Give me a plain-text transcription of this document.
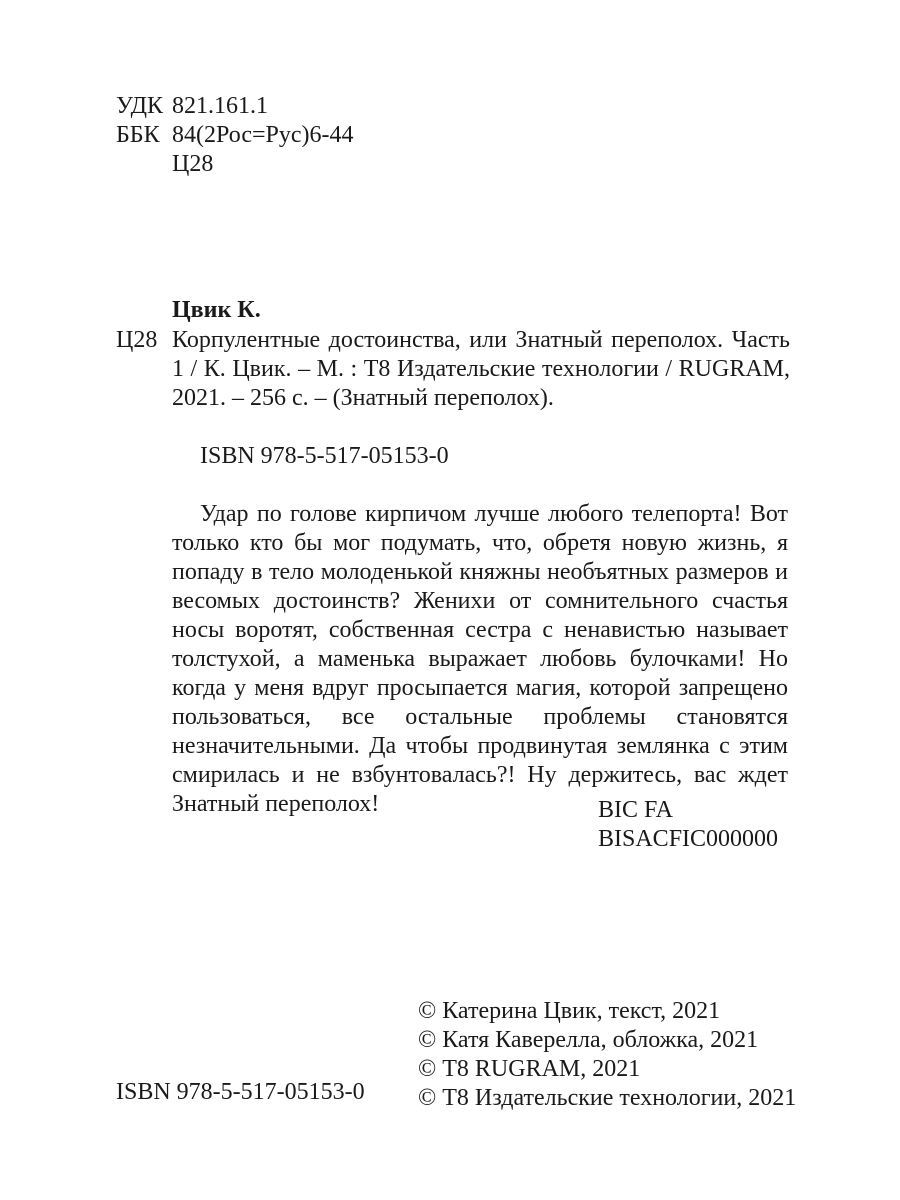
УДК 821.161.1
ББК 84(2Рос=Рус)6-44
Ц28
Цвик К.
Ц28 Корпулентные достоинства, или Знатный переполох. Часть 1 / К. Цвик. – М. : Т8 Издательские технологии / RUGRAM, 2021. – 256 с. – (Знатный переполох).
ISBN 978-5-517-05153-0
Удар по голове кирпичом лучше любого телепорта! Вот только кто бы мог подумать, что, обретя новую жизнь, я попаду в тело молоденькой княжны необъятных размеров и весомых достоинств? Женихи от сомнительного счастья носы воротят, собственная сестра с ненавистью называет толстухой, а маменька выражает любовь булочками! Но когда у меня вдруг просыпается магия, которой запрещено пользоваться, все остальные проблемы становятся незначительными. Да чтобы продвинутая землянка с этим смирилась и не взбунтовалась?! Ну держитесь, вас ждет Знатный переполох!	BIC FA
BISACFIC000000
ISBN 978-5-517-05153-0
© Катерина Цвик, текст, 2021
© Катя Каверелла, обложка, 2021
© Т8 RUGRAM, 2021
© Т8 Издательские технологии, 2021
